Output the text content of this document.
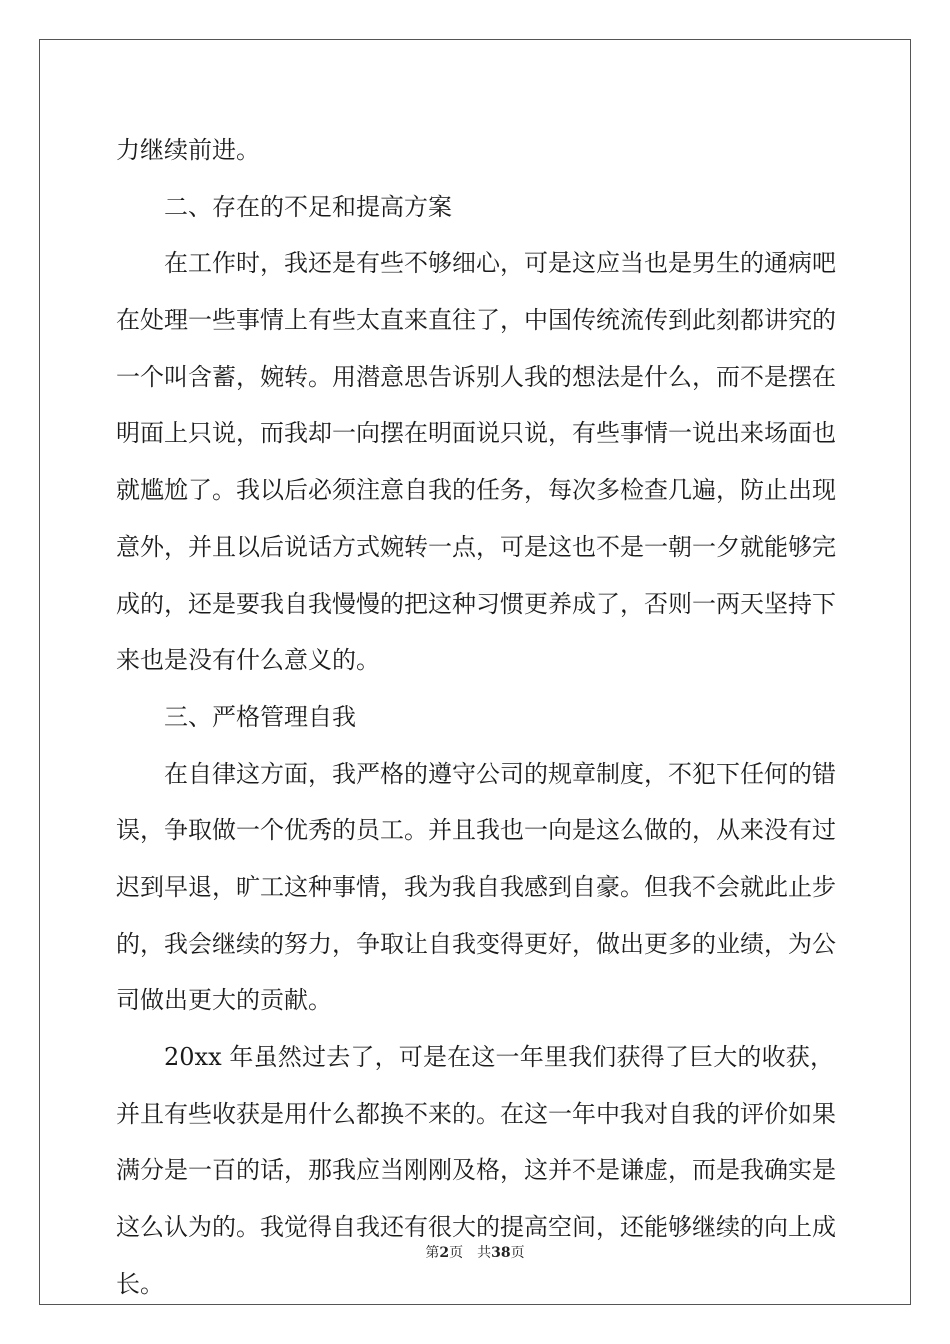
力继续前进。
二、存在的不足和提高方案
在工作时，我还是有些不够细心，可是这应当也是男生的通病吧
在处理一些事情上有些太直来直往了，中国传统流传到此刻都讲究的
一个叫含蓄，婉转。用潜意思告诉别人我的想法是什么，而不是摆在
明面上只说，而我却一向摆在明面说只说，有些事情一说出来场面也
就尴尬了。我以后必须注意自我的任务，每次多检查几遍，防止出现
意外，并且以后说话方式婉转一点，可是这也不是一朝一夕就能够完
成的，还是要我自我慢慢的把这种习惯更养成了，否则一两天坚持下
来也是没有什么意义的。
三、严格管理自我
在自律这方面，我严格的遵守公司的规章制度，不犯下任何的错
误，争取做一个优秀的员工。并且我也一向是这么做的，从来没有过
迟到早退，旷工这种事情，我为我自我感到自豪。但我不会就此止步
的，我会继续的努力，争取让自我变得更好，做出更多的业绩，为公
司做出更大的贡献。
20xx 年虽然过去了，可是在这一年里我们获得了巨大的收获，
并且有些收获是用什么都换不来的。在这一年中我对自我的评价如果
满分是一百的话，那我应当刚刚及格，这并不是谦虚，而是我确实是
这么认为的。我觉得自我还有很大的提高空间，还能够继续的向上成
长。
第2页 共38页
